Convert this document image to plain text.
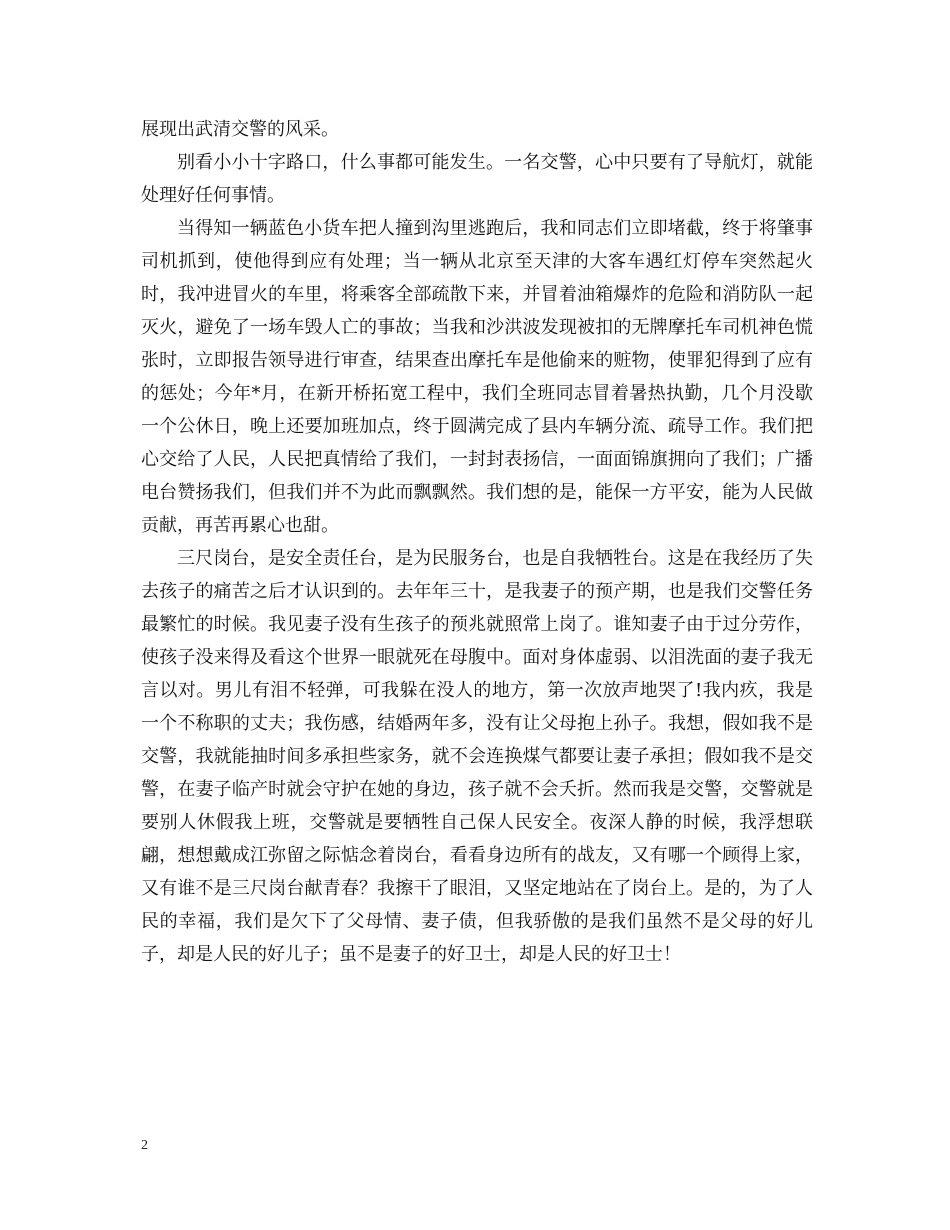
展现出武清交警的风采。

别看小小十字路口，什么事都可能发生。一名交警，心中只要有了导航灯，就能处理好任何事情。

当得知一辆蓝色小货车把人撞到沟里逃跑后，我和同志们立即堵截，终于将肇事司机抓到，使他得到应有处理；当一辆从北京至天津的大客车遇红灯停车突然起火时，我冲进冒火的车里，将乘客全部疏散下来，并冒着油箱爆炸的危险和消防队一起灭火，避免了一场车毁人亡的事故；当我和沙洪波发现被扣的无牌摩托车司机神色慌张时，立即报告领导进行审查，结果查出摩托车是他偷来的赃物，使罪犯得到了应有的惩处；今年*月，在新开桥拓宽工程中，我们全班同志冒着暑热执勤，几个月没歇一个公休日，晚上还要加班加点，终于圆满完成了县内车辆分流、疏导工作。我们把心交给了人民，人民把真情给了我们，一封封表扬信，一面面锦旗拥向了我们；广播电台赞扬我们，但我们并不为此而飘飘然。我们想的是，能保一方平安，能为人民做贡献，再苦再累心也甜。

三尺岗台，是安全责任台，是为民服务台，也是自我牺牲台。这是在我经历了失去孩子的痛苦之后才认识到的。去年年三十，是我妻子的预产期，也是我们交警任务最繁忙的时候。我见妻子没有生孩子的预兆就照常上岗了。谁知妻子由于过分劳作，使孩子没来得及看这个世界一眼就死在母腹中。面对身体虚弱、以泪洗面的妻子我无言以对。男儿有泪不轻弹，可我躲在没人的地方，第一次放声地哭了!我内疚，我是一个不称职的丈夫；我伤感，结婚两年多，没有让父母抱上孙子。我想，假如我不是交警，我就能抽时间多承担些家务，就不会连换煤气都要让妻子承担；假如我不是交警，在妻子临产时就会守护在她的身边，孩子就不会夭折。然而我是交警，交警就是要别人休假我上班，交警就是要牺牲自己保人民安全。夜深人静的时候，我浮想联翩，想想戴成江弥留之际惦念着岗台，看看身边所有的战友，又有哪一个顾得上家，又有谁不是三尺岗台献青春？我擦干了眼泪，又坚定地站在了岗台上。是的，为了人民的幸福，我们是欠下了父母情、妻子债，但我骄傲的是我们虽然不是父母的好儿子，却是人民的好儿子；虽不是妻子的好卫士，却是人民的好卫士！

2
